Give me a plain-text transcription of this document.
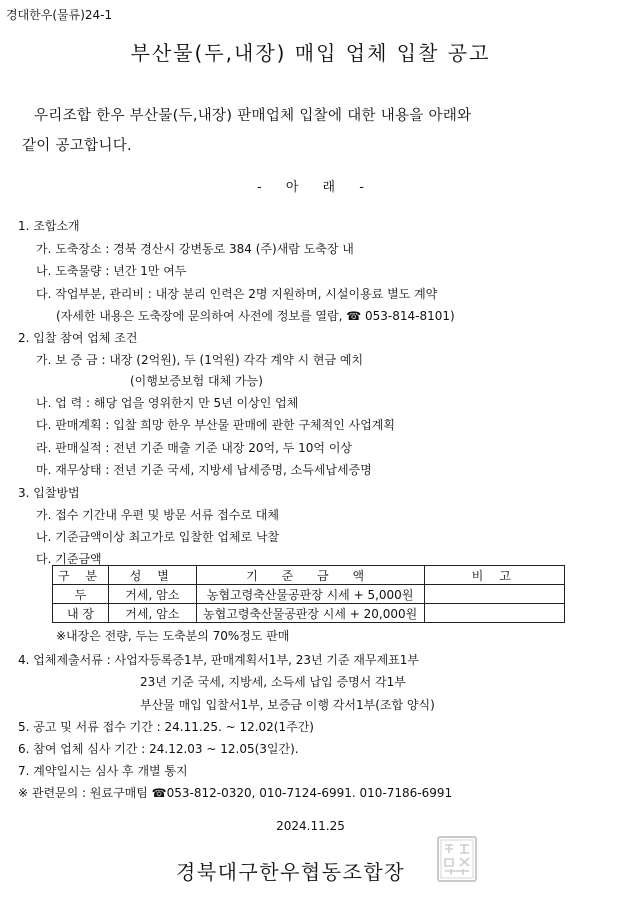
경대한우(물류)24-1
부산물(두,내장) 매입 업체 입찰 공고
우리조합 한우 부산물(두,내장) 판매업체 입찰에 대한 내용을 아래와
같이 공고합니다.
- 아 래 -
1. 조합소개
가. 도축장소 : 경북 경산시 강변동로 384 (주)새람 도축장 내
나. 도축물량 : 년간 1만 여두
다. 작업부분, 관리비 : 내장 분리 인력은 2명 지원하며, 시설이용료 별도 계약
(자세한 내용은 도축장에 문의하여 사전에 정보를 열람, ☎ 053-814-8101)
2. 입찰 참여 업체 조건
가. 보 증 금 : 내장 (2억원), 두 (1억원) 각각 계약 시 현금 예치
(이행보증보험 대체 가능)
나. 업 력 : 해당 업을 영위한지 만 5년 이상인 업체
다. 판매계획 : 입찰 희망 한우 부산물 판매에 관한 구체적인 사업계획
라. 판매실적 : 전년 기준 매출 기준 내장 20억, 두 10억 이상
마. 재무상태 : 전년 기준 국세, 지방세 납세증명, 소득세납세증명
3. 입찰방법
가. 접수 기간내 우편 및 방문 서류 접수로 대체
나. 기준금액이상 최고가로 입찰한 업체로 낙찰
다. 기준금액
구 분	성 별	기 준 금 액	비 고
두	거세, 암소	농협고령축산물공판장 시세 + 5,000원	
내 장	거세, 암소	농협고령축산물공판장 시세 + 20,000원	
※내장은 전량, 두는 도축분의 70%정도 판매
4. 업체제출서류 : 사업자등록증1부, 판매계획서1부, 23년 기준 재무제표1부
23년 기준 국세, 지방세, 소득세 납입 증명서 각1부
부산물 매입 입찰서1부, 보증금 이행 각서1부(조합 양식)
5. 공고 및 서류 접수 기간 : 24.11.25. ~ 12.02(1주간)
6. 참여 업체 심사 기간 : 24.12.03 ~ 12.05(3일간).
7. 계약일시는 심사 후 개별 통지
※ 관련문의 : 원료구매팀 ☎053-812-0320, 010-7124-6991. 010-7186-6991
2024.11.25
경북대구한우협동조합장
